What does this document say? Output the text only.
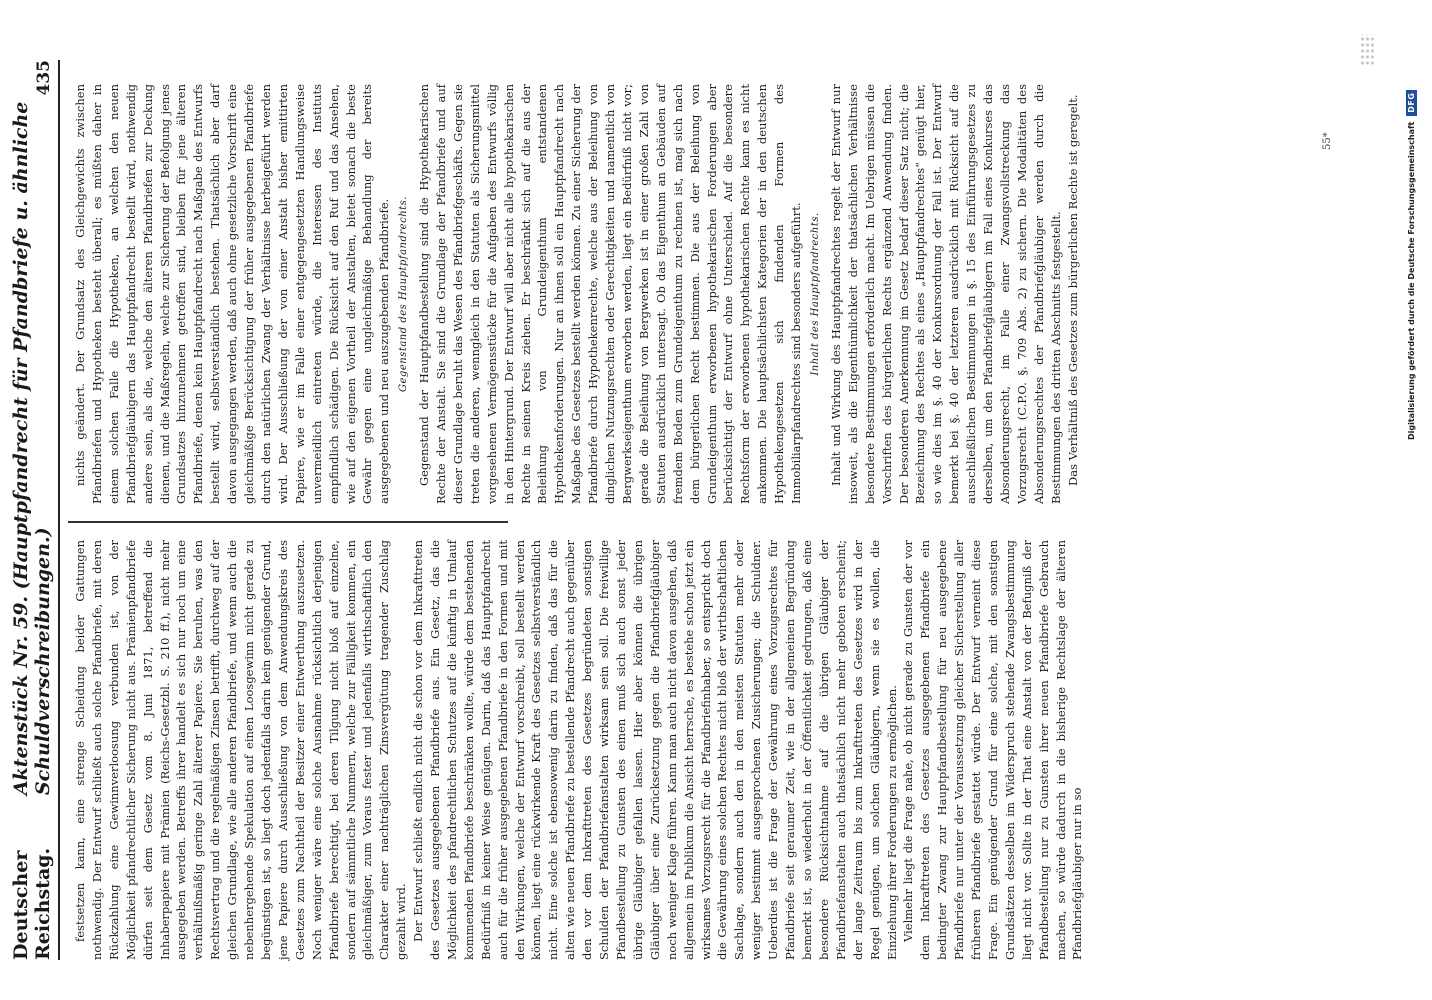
Deutscher Reichstag.
Aktenstück Nr. 59. (Hauptpfandrecht für Pfandbriefe u. ähnliche Schuldverschreibungen.)
435

festsetzen kann, eine strenge Scheidung beider Gattungen nothwendig. Der Entwurf schließt auch solche Pfandbriefe, mit deren Rückzahlung eine Gewinnverloosung verbunden ist, von der Möglichkeit pfandrechtlicher Sicherung nicht aus. Prämienpfandbriefe dürfen seit dem Gesetz vom 8. Juni 1871, betreffend die Inhaberpapiere mit Prämien (Reichs-Gesetzbl. S. 210 ff.), nicht mehr ausgegeben werden. Betreffs ihrer handelt es sich nur noch um eine verhältnißmäßig geringe Zahl älterer Papiere. Sie beruhen, was den Rechtsvertrag und die regelmäßigen Zinsen betrifft, durchweg auf der gleichen Grundlage, wie alle anderen Pfandbriefe, und wenn auch die nebenhergehende Spekulation auf einen Loosgewinn nicht gerade zu begünstigen ist, so liegt doch jedenfalls darin kein genügender Grund, jene Papiere durch Ausschließung von dem Anwendungskreis des Gesetzes zum Nachtheil der Besitzer einer Entwerthung auszusetzen. Noch weniger wäre eine solche Ausnahme rücksichtlich derjenigen Pfandbriefe berechtigt, bei deren Tilgung nicht bloß auf einzelne, sondern auf sämmtliche Nummern, welche zur Fälligkeit kommen, ein gleichmäßiger, zum Voraus fester und jedenfalls wirthschaftlich den Charakter einer nachträglichen Zinsvergütung tragender Zuschlag gezahlt wird. Der Entwurf schließt endlich nicht die schon vor dem Inkrafttreten des Gesetzes ausgegebenen Pfandbriefe aus. Ein Gesetz, das die Möglichkeit des pfandrechtlichen Schutzes auf die künftig in Umlauf kommenden Pfandbriefe beschränken wollte, würde dem bestehenden Bedürfniß in keiner Weise genügen. Darin, daß das Hauptpfandrecht auch für die früher ausgegebenen Pfandbriefe in den Formen und mit den Wirkungen, welche der Entwurf vorschreibt, soll bestellt werden können, liegt eine rückwirkende Kraft des Gesetzes selbstverständlich nicht. Eine solche ist ebensowenig darin zu finden, daß das für die alten wie neuen Pfandbriefe zu bestellende Pfandrecht auch gegenüber den vor dem Inkrafttreten des Gesetzes begründeten sonstigen Schulden der Pfandbriefanstalten wirksam sein soll. Die freiwillige Pfandbestellung zu Gunsten des einen muß sich auch sonst jeder übrige Gläubiger gefallen lassen. Hier aber können die übrigen Gläubiger über eine Zurücksetzung gegen die Pfandbriefgläubiger noch weniger Klage führen. Kann man auch nicht davon ausgehen, daß allgemein im Publikum die Ansicht herrsche, es bestehe schon jetzt ein wirksames Vorzugsrecht für die Pfandbriefinhaber, so entspricht doch die Gewährung eines solchen Rechtes nicht bloß der wirthschaftlichen Sachlage, sondern auch den in den meisten Statuten mehr oder weniger bestimmt ausgesprochenen Zusicherungen; die Schuldner. Ueberdies ist die Frage der Gewährung eines Vorzugsrechtes für Pfandbriefe seit geraumer Zeit, wie in der allgemeinen Begründung bemerkt ist, so wiederholt in der Öffentlichkeit gedrungen, daß eine besondere Rücksichtnahme auf die übrigen Gläubiger der Pfandbriefanstalten auch thatsächlich nicht mehr geboten erscheint; der lange Zeitraum bis zum Inkrafttreten des Gesetzes wird in der Regel genügen, um solchen Gläubigern, wenn sie es wollen, die Einziehung ihrer Forderungen zu ermöglichen. Vielmehr liegt die Frage nahe, ob nicht gerade zu Gunsten der vor dem Inkrafttreten des Gesetzes ausgegebenen Pfandbriefe ein bedingter Zwang zur Hauptpfandbestellung für neu ausgegebene Pfandbriefe nur unter der Voraussetzung gleicher Sicherstellung aller früheren Pfandbriefe gestattet würde. Der Entwurf verneint diese Frage. Ein genügender Grund für eine solche, mit den sonstigen Grundsätzen desselben im Widerspruch stehende Zwangsbestimmung liegt nicht vor. Sollte in der That eine Anstalt von der Befugniß der Pfandbestellung nur zu Gunsten ihrer neuen Pfandbriefe Gebrauch machen, so würde dadurch in die bisherige Rechtslage der älteren Pfandbriefgläubiger nur in so

nichts geändert. Der Grundsatz des Gleichgewichts zwischen Pfandbriefen und Hypotheken besteht überall; es müßten daher in einem solchen Falle die Hypotheken, an welchen den neuen Pfandbriefgläubigern das Hauptpfandrecht bestellt wird, nothwendig andere sein, als die, welche den älteren Pfandbriefen zur Deckung dienen, und die Maßregeln, welche zur Sicherung der Befolgung jenes Grundsatzes hinzunehmen getroffen sind, bleiben für jene älteren Pfandbriefe, denen kein Hauptpfandrecht nach Maßgabe des Entwurfs bestellt wird, selbstverständlich bestehen. Thatsächlich aber darf davon ausgegangen werden, daß auch ohne gesetzliche Vorschrift eine gleichmäßige Berücksichtigung der früher ausgegebenen Pfandbriefe durch den natürlichen Zwang der Verhältnisse herbeigeführt werden wird. Der Ausschließung der von einer Anstalt bisher emittirten Papiere, wie er im Falle einer entgegengesetzten Handlungsweise unvermeidlich eintreten würde, die Interessen des Instituts empfindlich schädigen. Die Rücksicht auf den Ruf und das Ansehen, wie auf den eigenen Vortheil der Anstalten, bietet sonach die beste Gewähr gegen eine ungleichmäßige Behandlung der bereits ausgegebenen und neu auszugebenden Pfandbriefe. Gegenstand des Hauptpfandrechts. Gegenstand der Hauptpfandbestellung sind die Hypothekarischen Rechte der Anstalt. Sie sind die Grundlage der Pfandbriefe und auf dieser Grundlage beruht das Wesen des Pfandbriefgeschäfts. Gegen sie treten die anderen, wenngleich in den Statuten als Sicherungsmittel vorgesehenen Vermögensstücke für die Aufgaben des Entwurfs völlig in den Hintergrund. Der Entwurf will aber nicht alle hypothekarischen Rechte in seinen Kreis ziehen. Er beschränkt sich auf die aus der Beleihung von Grundeigenthum entstandenen Hypothekenforderungen. Nur an ihnen soll ein Hauptpfandrecht nach Maßgabe des Gesetzes bestellt werden können. Zu einer Sicherung der Pfandbriefe durch Hypothekenrechte, welche aus der Beleihung von dinglichen Nutzungsrechten oder Gerechtigkeiten und namentlich von Bergwerkseigenthum erworben werden, liegt ein Bedürfniß nicht vor; gerade die Beleihung von Bergwerken ist in einer großen Zahl von Statuten ausdrücklich untersagt. Ob das Eigenthum an Gebäuden auf fremdem Boden zum Grundeigenthum zu rechnen ist, mag sich nach dem bürgerlichen Recht bestimmen. Die aus der Beleihung von Grundeigenthum erworbenen hypothekarischen Forderungen aber berücksichtigt der Entwurf ohne Unterschied. Auf die besondere Rechtsform der erworbenen hypothekarischen Rechte kann es nicht ankommen. Die hauptsächlichsten Kategorien der in den deutschen Hypothekengesetzen sich findenden Formen des Immobiliarpfandrechtes sind besonders aufgeführt. Inhalt des Hauptpfandrechts. Inhalt und Wirkung des Hauptpfandrechtes regelt der Entwurf nur insoweit, als die Eigenthümlichkeit der thatsächlichen Verhältnisse besondere Bestimmungen erforderlich macht. Im Uebrigen müssen die Vorschriften des bürgerlichen Rechts ergänzend Anwendung finden. Der besonderen Anerkennung im Gesetz bedarf dieser Satz nicht; die Bezeichnung des Rechtes als eines „Hauptpfandrechtes“ genügt hier, so wie dies im §. 40 der Konkursordnung der Fall ist. Der Entwurf bemerkt bei §. 40 der letzteren ausdrücklich mit Rücksicht auf die ausschließlichen Bestimmungen in §. 15 des Einführungsgesetzes zu derselben, um den Pfandbriefgläubigern im Fall eines Konkurses das Absonderungsrecht, im Falle einer Zwangsvollstreckung das Vorzugsrecht (C.P.O. §. 709 Abs. 2) zu sichern. Die Modalitäten des Absonderungsrechtes der Pfandbriefgläubiger werden durch die Bestimmungen des dritten Abschnitts festgestellt. Das Verhältniß des Gesetzes zum bürgerlichen Rechte ist geregelt.	55*	Digitalisierung gefördert durch die Deutsche Forschungsgemeinschaft
DFG
